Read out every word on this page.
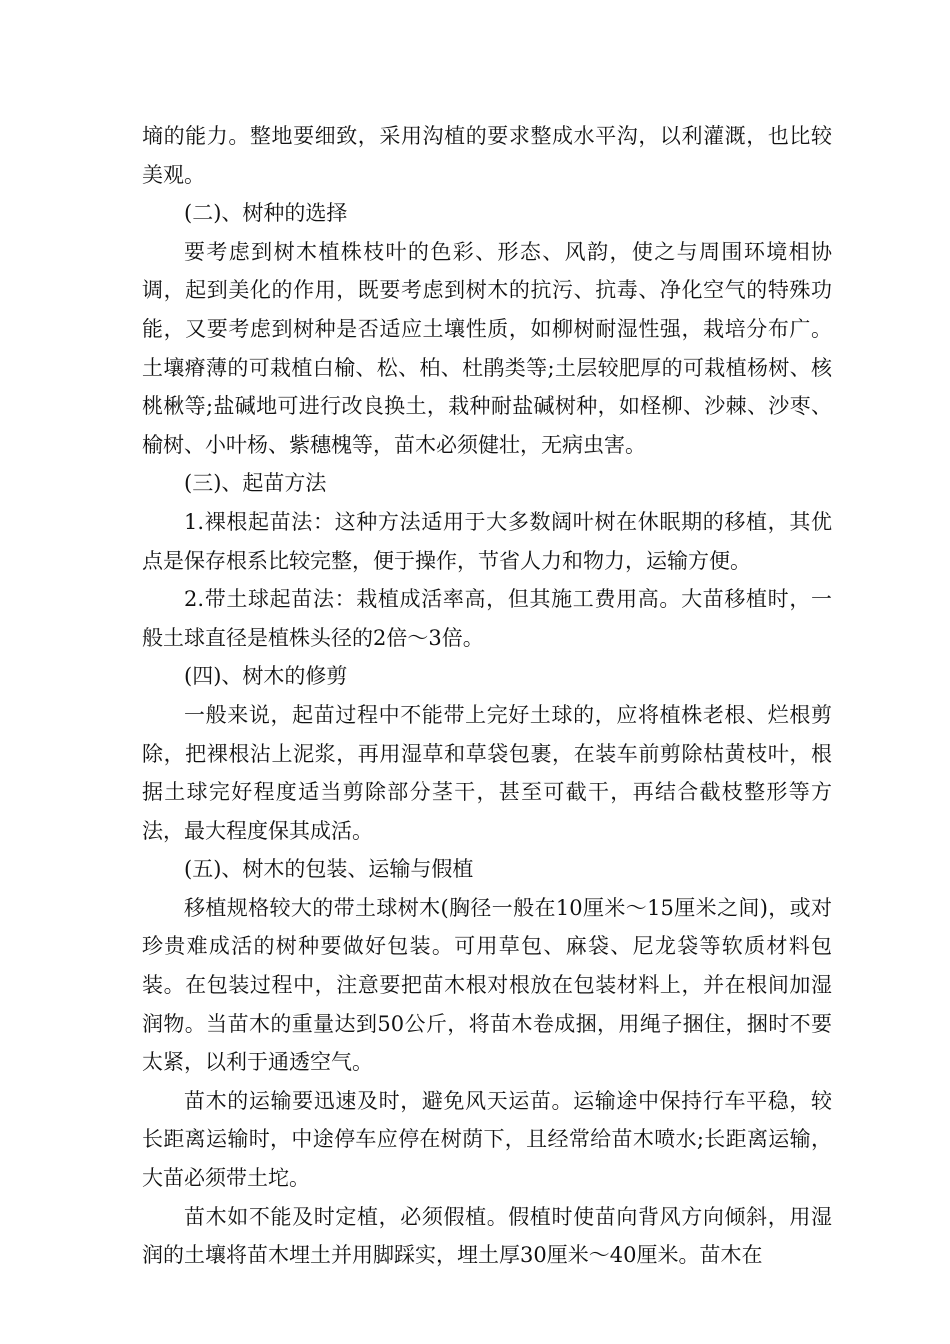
墒的能力。整地要细致，采用沟植的要求整成水平沟，以利灌溉，也比较美观。

(二)、树种的选择

要考虑到树木植株枝叶的色彩、形态、风韵，使之与周围环境相协调，起到美化的作用，既要考虑到树木的抗污、抗毒、净化空气的特殊功能，又要考虑到树种是否适应土壤性质，如柳树耐湿性强，栽培分布广。土壤瘠薄的可栽植白榆、松、柏、杜鹃类等;土层较肥厚的可栽植杨树、核桃楸等;盐碱地可进行改良换土，栽种耐盐碱树种，如柽柳、沙棘、沙枣、榆树、小叶杨、紫穗槐等，苗木必须健壮，无病虫害。

(三)、起苗方法

1.裸根起苗法：这种方法适用于大多数阔叶树在休眠期的移植，其优点是保存根系比较完整，便于操作，节省人力和物力，运输方便。

2.带土球起苗法：栽植成活率高，但其施工费用高。大苗移植时，一般土球直径是植株头径的2倍～3倍。

(四)、树木的修剪

一般来说，起苗过程中不能带上完好土球的，应将植株老根、烂根剪除，把裸根沾上泥浆，再用湿草和草袋包裹，在装车前剪除枯黄枝叶，根据土球完好程度适当剪除部分茎干，甚至可截干，再结合截枝整形等方法，最大程度保其成活。

(五)、树木的包装、运输与假植

移植规格较大的带土球树木(胸径一般在10厘米～15厘米之间)，或对珍贵难成活的树种要做好包装。可用草包、麻袋、尼龙袋等软质材料包装。在包装过程中，注意要把苗木根对根放在包装材料上，并在根间加湿润物。当苗木的重量达到50公斤，将苗木卷成捆，用绳子捆住，捆时不要太紧，以利于通透空气。

苗木的运输要迅速及时，避免风天运苗。运输途中保持行车平稳，较长距离运输时，中途停车应停在树荫下，且经常给苗木喷水;长距离运输，大苗必须带土坨。

苗木如不能及时定植，必须假植。假植时使苗向背风方向倾斜，用湿润的土壤将苗木埋土并用脚踩实，埋土厚30厘米～40厘米。苗木在
